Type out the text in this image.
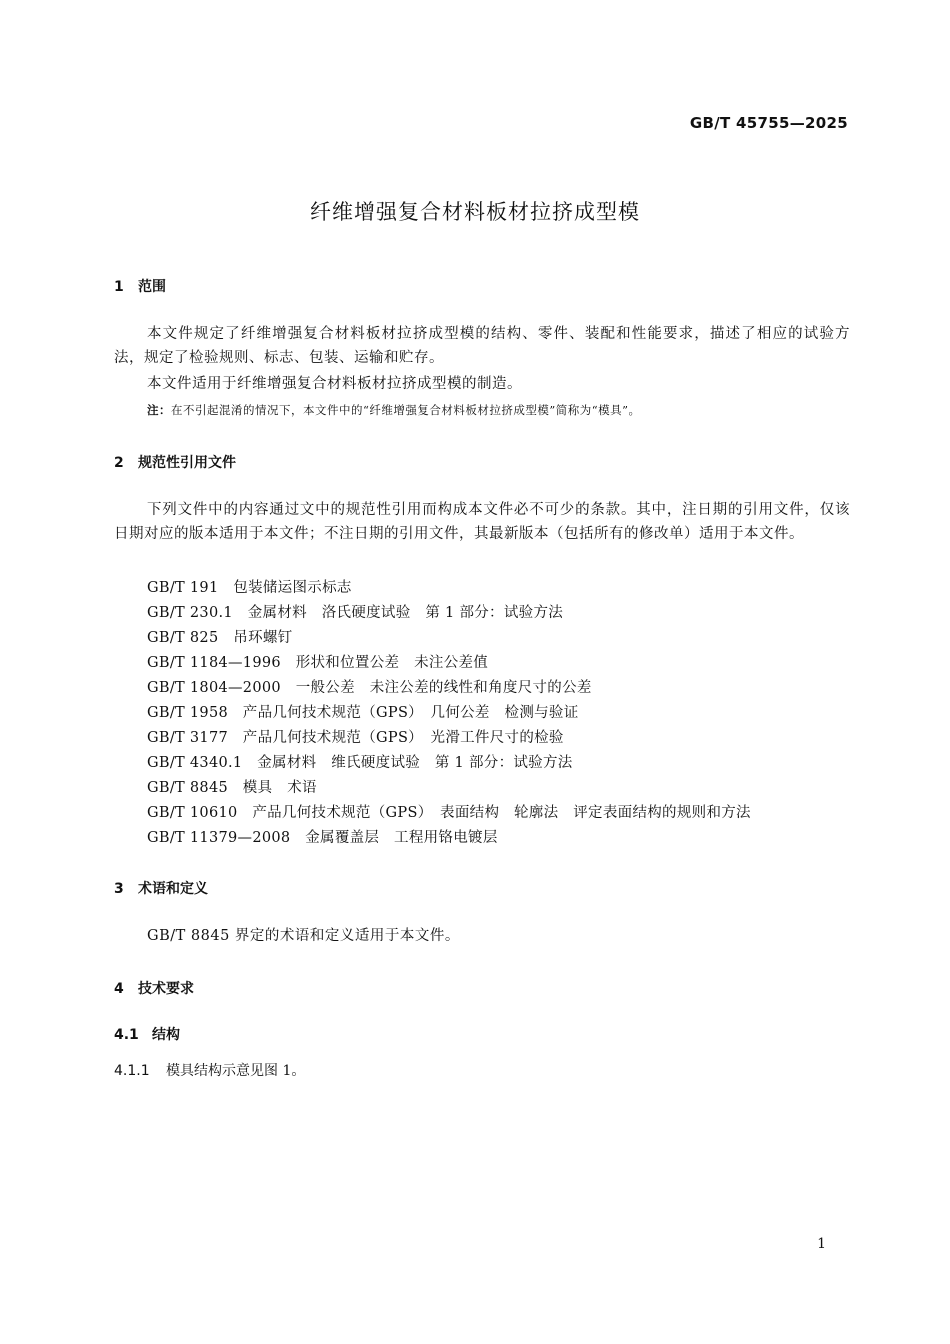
GB/T 45755—2025
纤维增强复合材料板材拉挤成型模
1 范围
本文件规定了纤维增强复合材料板材拉挤成型模的结构、零件、装配和性能要求，描述了相应的试验方法，规定了检验规则、标志、包装、运输和贮存。
本文件适用于纤维增强复合材料板材拉挤成型模的制造。
注：在不引起混淆的情况下，本文件中的“纤维增强复合材料板材拉挤成型模”简称为“模具”。
2 规范性引用文件
下列文件中的内容通过文中的规范性引用而构成本文件必不可少的条款。其中，注日期的引用文件，仅该日期对应的版本适用于本文件；不注日期的引用文件，其最新版本（包括所有的修改单）适用于本文件。
GB/T 191　包装储运图示标志
GB/T 230.1　金属材料　洛氏硬度试验　第 1 部分：试验方法
GB/T 825　吊环螺钉
GB/T 1184—1996　形状和位置公差　未注公差值
GB/T 1804—2000　一般公差　未注公差的线性和角度尺寸的公差
GB/T 1958　产品几何技术规范（GPS）　几何公差　检测与验证
GB/T 3177　产品几何技术规范（GPS）　光滑工件尺寸的检验
GB/T 4340.1　金属材料　维氏硬度试验　第 1 部分：试验方法
GB/T 8845　模具　术语
GB/T 10610　产品几何技术规范（GPS）　表面结构　轮廓法　评定表面结构的规则和方法
GB/T 11379—2008　金属覆盖层　工程用铬电镀层
3 术语和定义
GB/T 8845 界定的术语和定义适用于本文件。
4 技术要求
4.1 结构
4.1.1 模具结构示意见图 1。
1
